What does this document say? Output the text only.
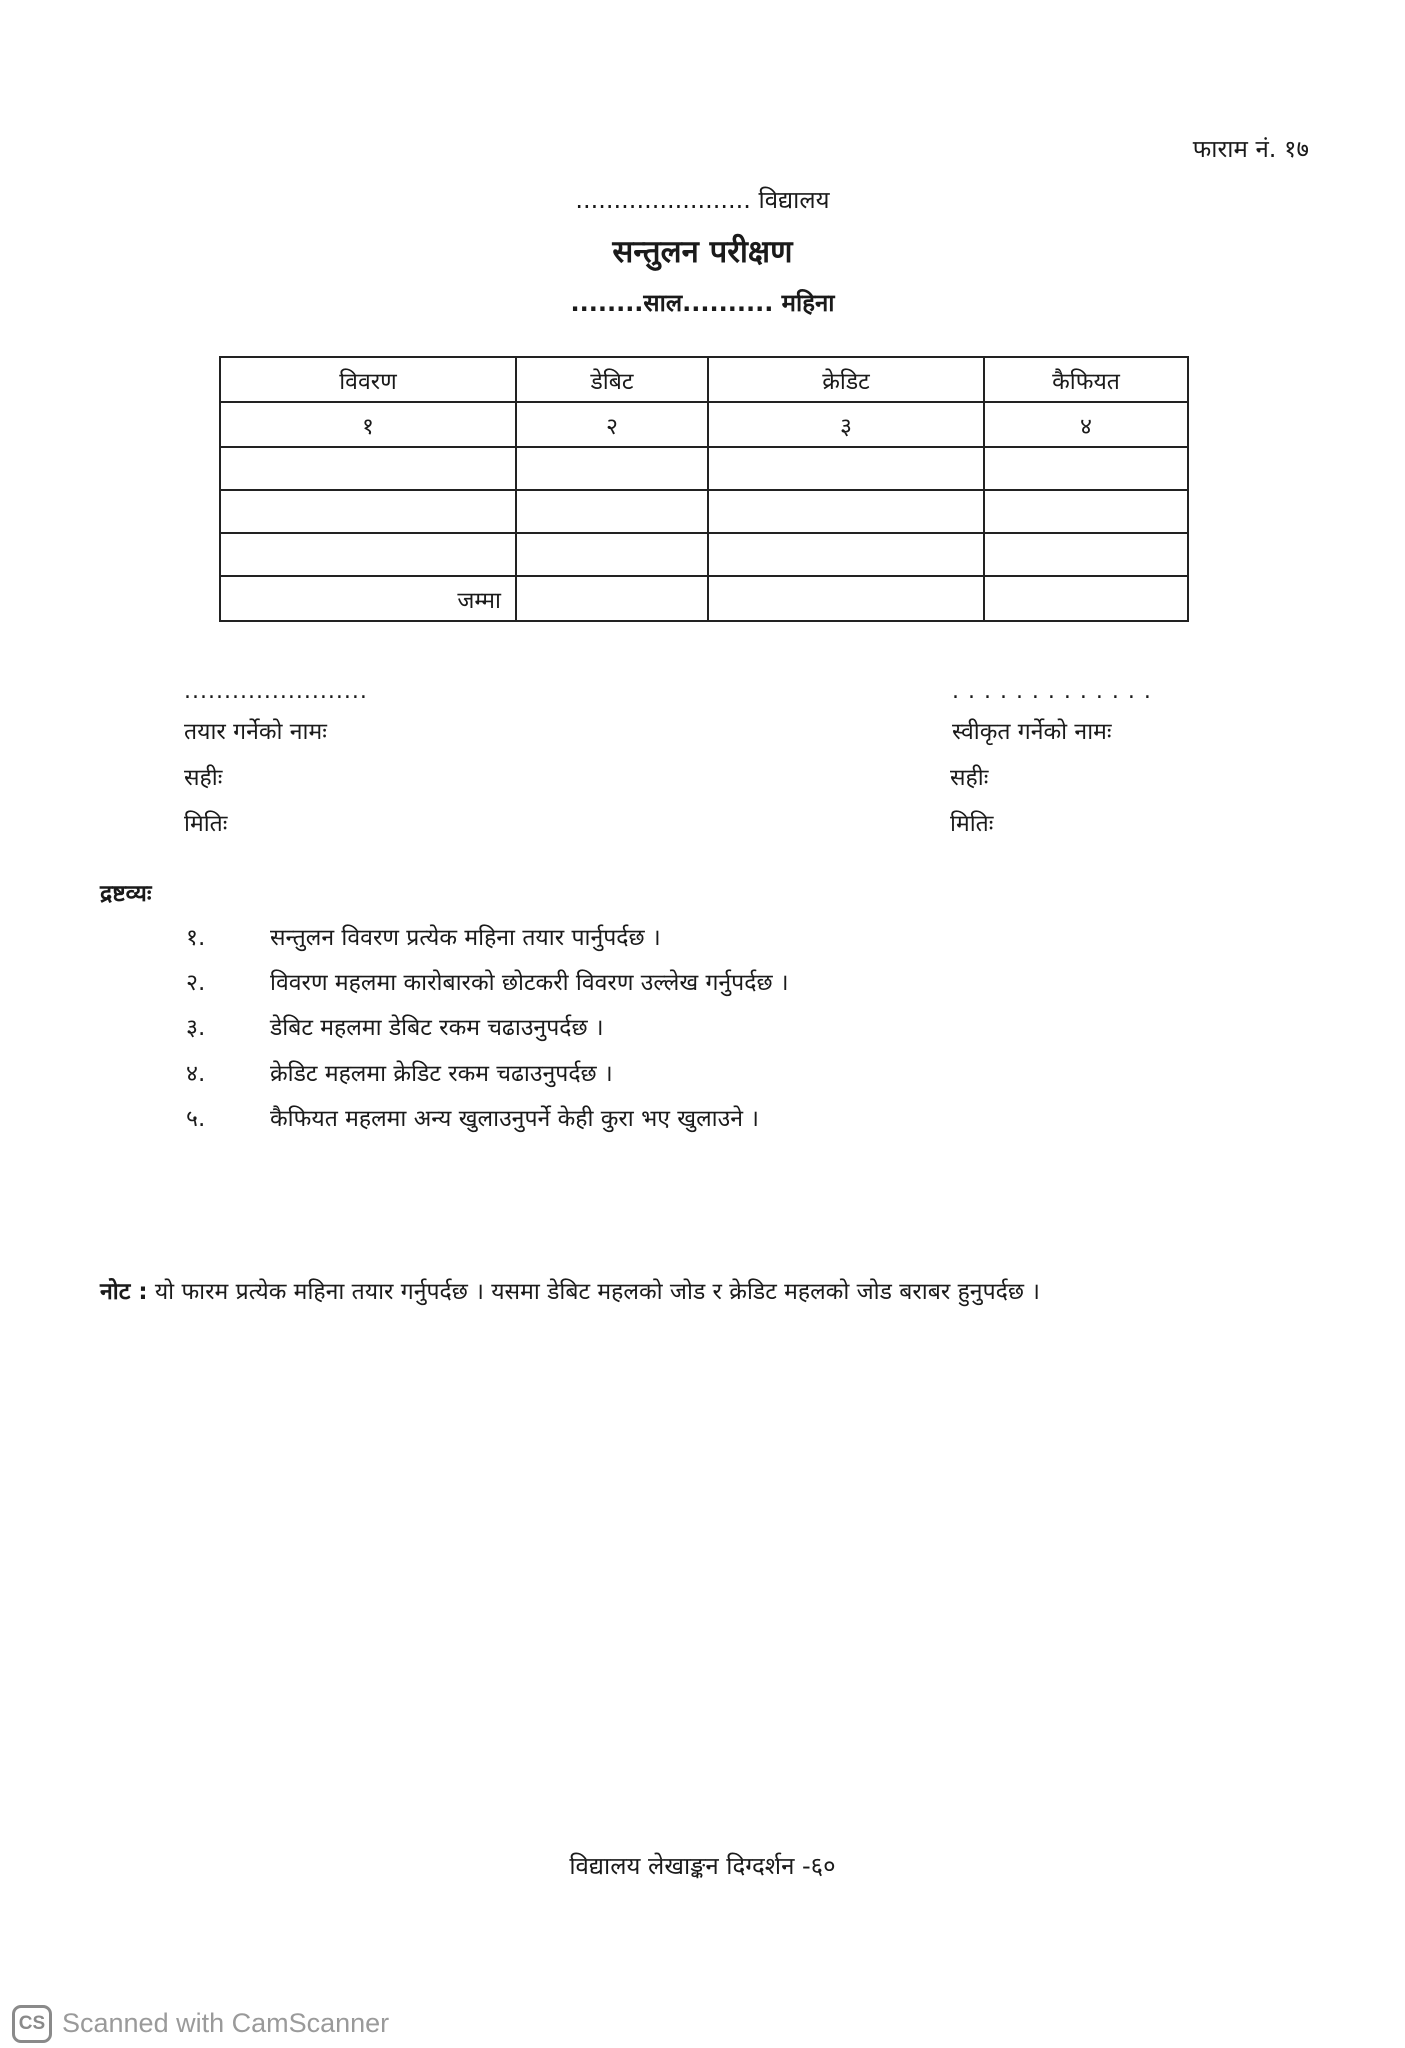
फाराम नं. १७
....................... विद्यालय
सन्तुलन परीक्षण
........साल.......... महिना
विवरण	डेबिट	क्रेडिट	कैफियत
१	२	३	४

जम्मा			
.......................
तयार गर्नेको नामः
सहीः
मितिः
. . . . . . . . . . . . .
स्वीकृत गर्नेको नामः
सहीः
मितिः
द्रष्टव्यः
१.	सन्तुलन विवरण प्रत्येक महिना तयार पार्नुपर्दछ ।
२.	विवरण महलमा कारोबारको छोटकरी विवरण उल्लेख गर्नुपर्दछ ।
३.	डेबिट महलमा डेबिट रकम चढाउनुपर्दछ ।
४.	क्रेडिट महलमा क्रेडिट रकम चढाउनुपर्दछ ।
५.	कैफियत महलमा अन्य खुलाउनुपर्ने केही कुरा भए खुलाउने ।
नोट : यो फारम प्रत्येक महिना तयार गर्नुपर्दछ । यसमा डेबिट महलको जोड र क्रेडिट महलको जोड बराबर हुनुपर्दछ ।
विद्यालय लेखाङ्कन दिग्दर्शन -६०
CS Scanned with CamScanner
